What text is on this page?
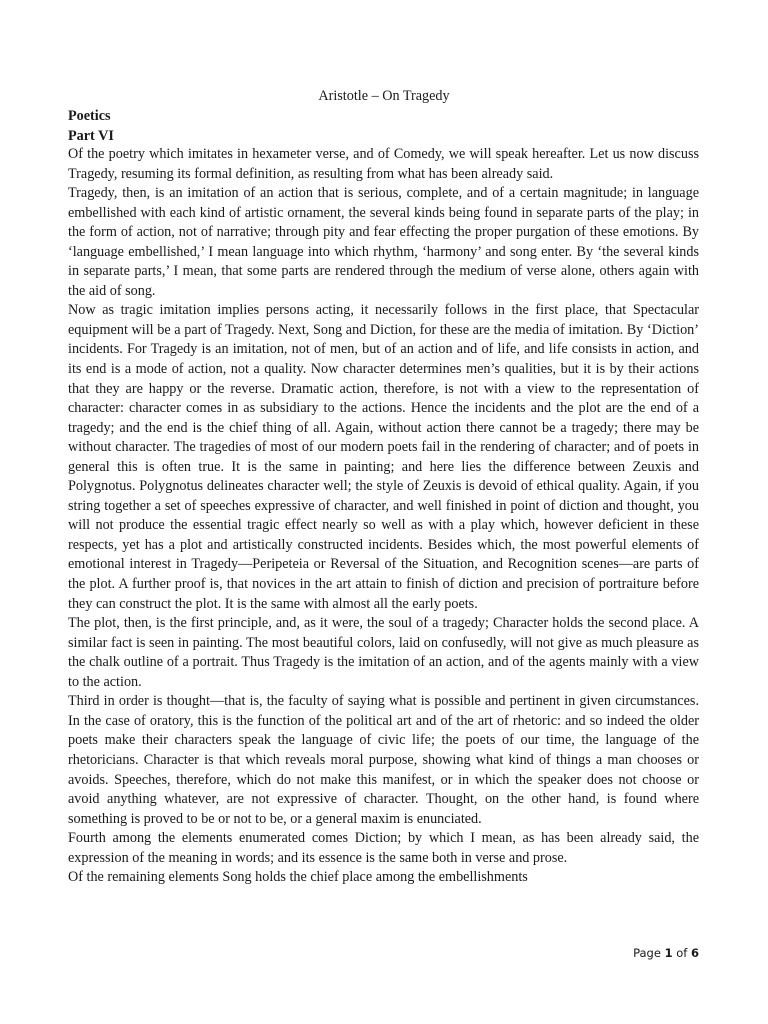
Aristotle – On Tragedy
Poetics
Part VI

Of the poetry which imitates in hexameter verse, and of Comedy, we will speak hereafter. Let us now discuss Tragedy, resuming its formal definition, as resulting from what has been already said.

Tragedy, then, is an imitation of an action that is serious, complete, and of a certain magnitude; in language embellished with each kind of artistic ornament, the several kinds being found in separate parts of the play; in the form of action, not of narrative; through pity and fear effecting the proper purgation of these emotions. By ‘language embellished,’ I mean language into which rhythm, ‘harmony’ and song enter. By ‘the several kinds in separate parts,’ I mean, that some parts are rendered through the medium of verse alone, others again with the aid of song.

Now as tragic imitation implies persons acting, it necessarily follows in the first place, that Spectacular equipment will be a part of Tragedy. Next, Song and Diction, for these are the media of imitation. By ‘Diction’ incidents. For Tragedy is an imitation, not of men, but of an action and of life, and life consists in action, and its end is a mode of action, not a quality. Now character determines men’s qualities, but it is by their actions that they are happy or the reverse. Dramatic action, therefore, is not with a view to the representation of character: character comes in as subsidiary to the actions. Hence the incidents and the plot are the end of a tragedy; and the end is the chief thing of all. Again, without action there cannot be a tragedy; there may be without character. The tragedies of most of our modern poets fail in the rendering of character; and of poets in general this is often true. It is the same in painting; and here lies the difference between Zeuxis and Polygnotus. Polygnotus delineates character well; the style of Zeuxis is devoid of ethical quality. Again, if you string together a set of speeches expressive of character, and well finished in point of diction and thought, you will not produce the essential tragic effect nearly so well as with a play which, however deficient in these respects, yet has a plot and artistically constructed incidents. Besides which, the most powerful elements of emotional interest in Tragedy—Peripeteia or Reversal of the Situation, and Recognition scenes—are parts of the plot. A further proof is, that novices in the art attain to finish of diction and precision of portraiture before they can construct the plot. It is the same with almost all the early poets.

The plot, then, is the first principle, and, as it were, the soul of a tragedy; Character holds the second place. A similar fact is seen in painting. The most beautiful colors, laid on confusedly, will not give as much pleasure as the chalk outline of a portrait. Thus Tragedy is the imitation of an action, and of the agents mainly with a view to the action.

Third in order is thought—that is, the faculty of saying what is possible and pertinent in given circumstances. In the case of oratory, this is the function of the political art and of the art of rhetoric: and so indeed the older poets make their characters speak the language of civic life; the poets of our time, the language of the rhetoricians. Character is that which reveals moral purpose, showing what kind of things a man chooses or avoids. Speeches, therefore, which do not make this manifest, or in which the speaker does not choose or avoid anything whatever, are not expressive of character. Thought, on the other hand, is found where something is proved to be or not to be, or a general maxim is enunciated.

Fourth among the elements enumerated comes Diction; by which I mean, as has been already said, the expression of the meaning in words; and its essence is the same both in verse and prose.

Of the remaining elements Song holds the chief place among the embellishments

Page 1 of 6
